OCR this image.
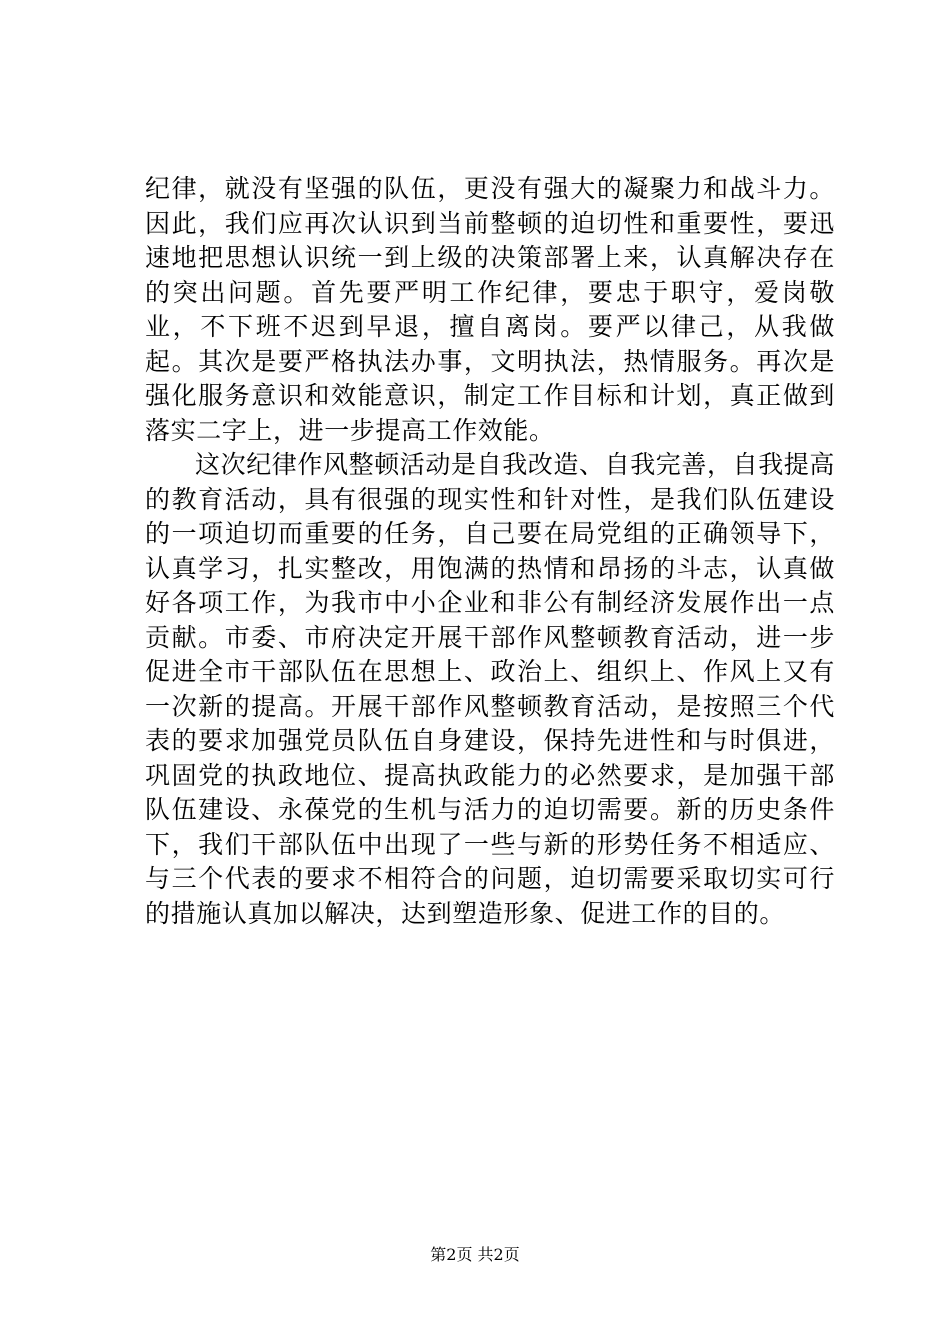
纪律，就没有坚强的队伍，更没有强大的凝聚力和战斗力。因此，我们应再次认识到当前整顿的迫切性和重要性，要迅速地把思想认识统一到上级的决策部署上来，认真解决存在的突出问题。首先要严明工作纪律，要忠于职守，爱岗敬业，不下班不迟到早退，擅自离岗。要严以律己，从我做起。其次是要严格执法办事，文明执法，热情服务。再次是强化服务意识和效能意识，制定工作目标和计划，真正做到落实二字上，进一步提高工作效能。

这次纪律作风整顿活动是自我改造、自我完善，自我提高的教育活动，具有很强的现实性和针对性，是我们队伍建设的一项迫切而重要的任务，自己要在局党组的正确领导下，认真学习，扎实整改，用饱满的热情和昂扬的斗志，认真做好各项工作，为我市中小企业和非公有制经济发展作出一点贡献。市委、市府决定开展干部作风整顿教育活动，进一步促进全市干部队伍在思想上、政治上、组织上、作风上又有一次新的提高。开展干部作风整顿教育活动，是按照三个代表的要求加强党员队伍自身建设，保持先进性和与时俱进，巩固党的执政地位、提高执政能力的必然要求，是加强干部队伍建设、永葆党的生机与活力的迫切需要。新的历史条件下，我们干部队伍中出现了一些与新的形势任务不相适应、与三个代表的要求不相符合的问题，迫切需要采取切实可行的措施认真加以解决，达到塑造形象、促进工作的目的。

第2页 共2页
